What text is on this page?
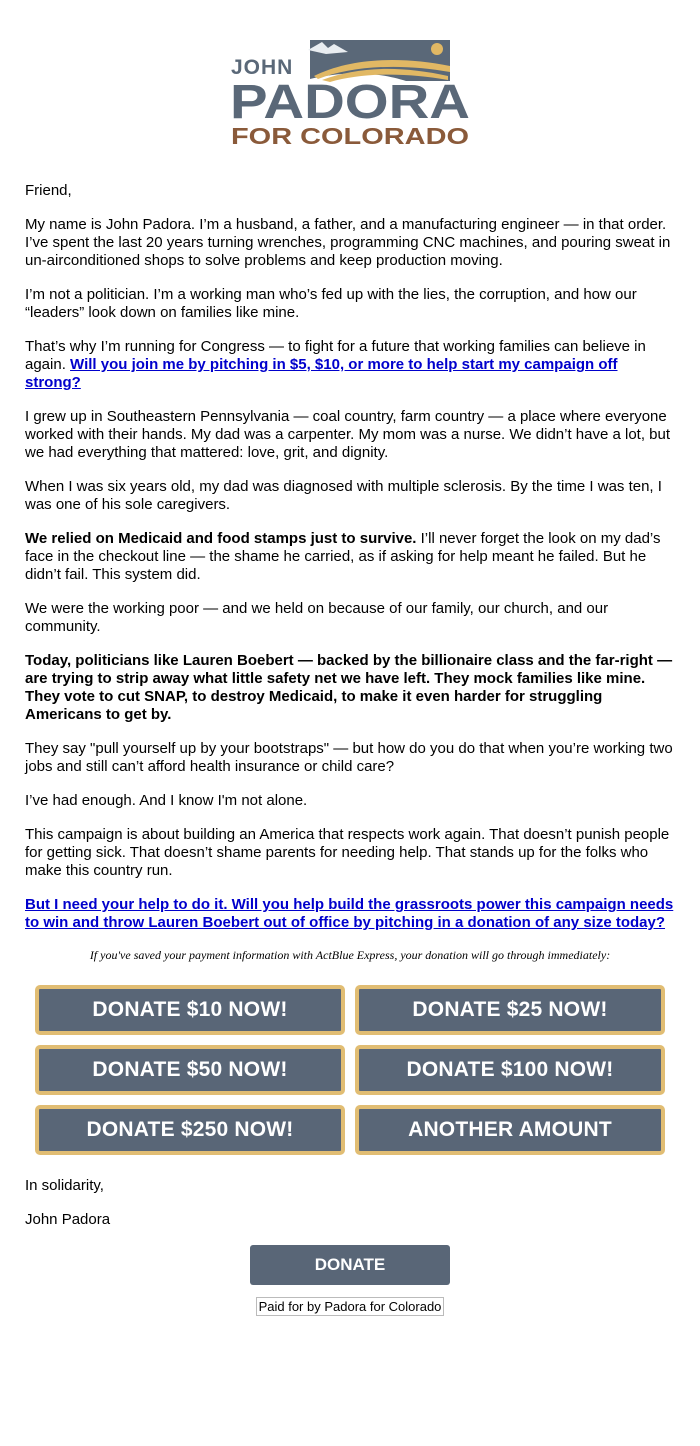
JOHN
PADORA
FOR COLORADO

Friend,

My name is John Padora. I’m a husband, a father, and a manufacturing engineer — in that order. I’ve spent the last 20 years turning wrenches, programming CNC machines, and pouring sweat in un-airconditioned shops to solve problems and keep production moving.

I’m not a politician. I’m a working man who’s fed up with the lies, the corruption, and how our “leaders” look down on families like mine.

That’s why I’m running for Congress — to fight for a future that working families can believe in again. Will you join me by pitching in $5, $10, or more to help start my campaign off strong?

I grew up in Southeastern Pennsylvania — coal country, farm country — a place where everyone worked with their hands. My dad was a carpenter. My mom was a nurse. We didn’t have a lot, but we had everything that mattered: love, grit, and dignity.

When I was six years old, my dad was diagnosed with multiple sclerosis. By the time I was ten, I was one of his sole caregivers.

We relied on Medicaid and food stamps just to survive. I’ll never forget the look on my dad’s face in the checkout line — the shame he carried, as if asking for help meant he failed. But he didn’t fail. This system did.

We were the working poor — and we held on because of our family, our church, and our community.

Today, politicians like Lauren Boebert — backed by the billionaire class and the far-right — are trying to strip away what little safety net we have left. They mock families like mine. They vote to cut SNAP, to destroy Medicaid, to make it even harder for struggling Americans to get by.

They say "pull yourself up by your bootstraps" — but how do you do that when you’re working two jobs and still can’t afford health insurance or child care?

I’ve had enough. And I know I'm not alone.

This campaign is about building an America that respects work again. That doesn’t punish people for getting sick. That doesn’t shame parents for needing help. That stands up for the folks who make this country run.

But I need your help to do it. Will you help build the grassroots power this campaign needs to win and throw Lauren Boebert out of office by pitching in a donation of any size today?

If you've saved your payment information with ActBlue Express, your donation will go through immediately:
DONATE $10 NOW!	DONATE $25 NOW!
DONATE $50 NOW!	DONATE $100 NOW!
DONATE $250 NOW!	ANOTHER AMOUNT

In solidarity,

John Padora

DONATE
Paid for by Padora for Colorado
